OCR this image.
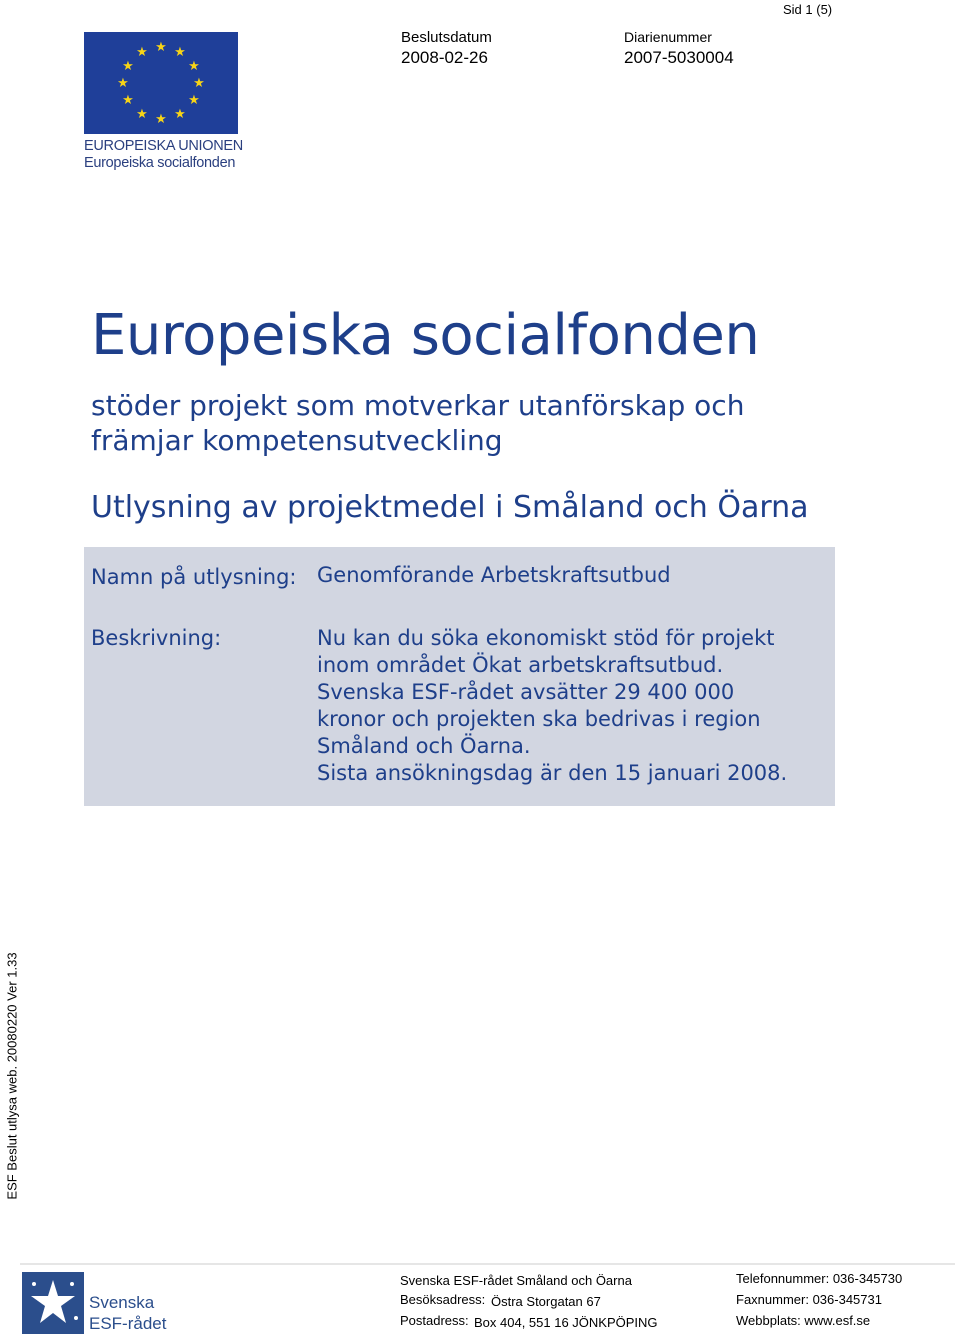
Sid 1 (5)
Beslutsdatum
2008-02-26
Diarienummer
2007-5030004
★ ★
★
★
★
★
★
★
★
★
★
★
EUROPEISKA UNIONEN
Europeiska socialfonden
Europeiska socialfonden
stöder projekt som motverkar utanförskap och
främjar kompetensutveckling
Utlysning av projektmedel i Småland och Öarna
Namn på utlysning: Genomförande Arbetskraftsutbud
Beskrivning:	Nu kan du söka ekonomiskt stöd för projekt
inom området Ökat arbetskraftsutbud.
Svenska ESF-rådet avsätter 29 400 000
kronor och projekten ska bedrivas i region
Småland och Öarna.
Sista ansökningsdag är den 15 januari 2008.
ESF Beslut utlysa web. 20080220 Ver 1.33
Svenska
ESF-rådet
Svenska ESF-rådet Småland och Öarna
Besöksadress: Östra Storgatan 67
Postadress: Box 404, 551 16 JÖNKPÖPING
Telefonnummer: 036-345730
Faxnummer: 036-345731
Webbplats: www.esf.se
